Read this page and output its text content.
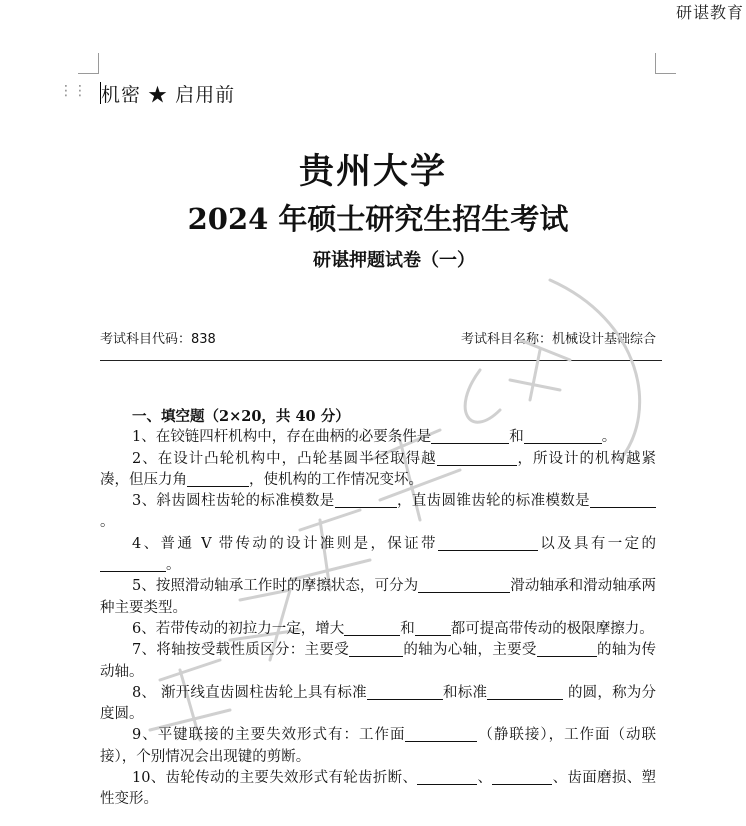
研谌教育
⋮⋮ 机密 ★ 启用前
贵州大学
2024 年硕士研究生招生考试
研谌押题试卷（一）
考试科目代码：838	考试科目名称：机械设计基础综合

一、填空题（2×20，共 40 分）

1、在铰链四杆机构中，存在曲柄的必要条件是	和	。

2、在设计凸轮机构中，凸轮基圆半径取得越	，所设计的机构越紧凑，但压力角	，使机构的工作情况变坏。

3、斜齿圆柱齿轮的标准模数是	，直齿圆锥齿轮的标准模数是。

4、普通 V 带传动的设计准则是，保证带	以及具有一定的。

5、按照滑动轴承工作时的摩擦状态，可分为	滑动轴承和滑动轴承两种主要类型。

6、若带传动的初拉力一定，增大	和 都可提高带传动的极限摩擦力。

7、将轴按受载性质区分：主要受	的轴为心轴，主要受	的轴为传动轴。

8、 渐开线直齿圆柱齿轮上具有标准	和标准	的圆，称为分度圆。

9、平键联接的主要失效形式有：工作面	（静联接），工作面（动联接），个别情况会出现键的剪断。

10、齿轮传动的主要失效形式有轮齿折断、	、	、齿面磨损、塑性变形。
